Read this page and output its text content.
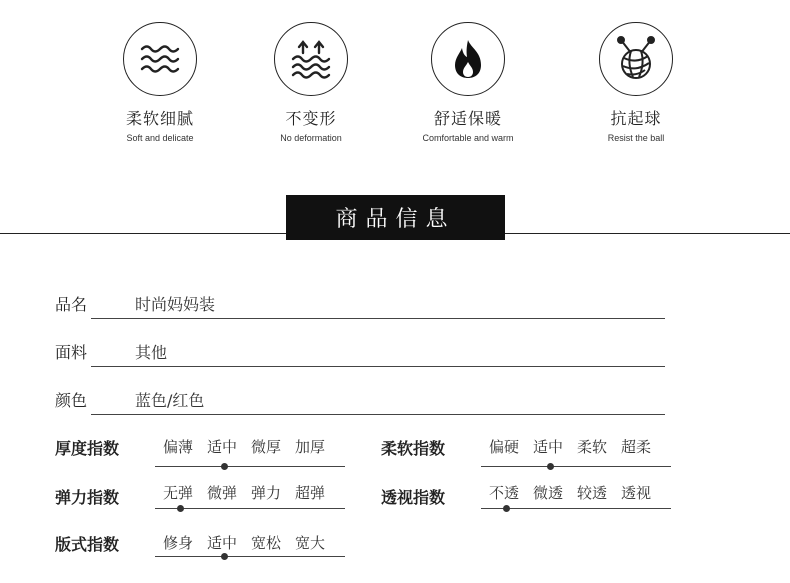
柔软细腻
Soft and delicate
不变形
No deformation
舒适保暖
Comfortable and warm
抗起球
Resist the ball
商品信息
品名	时尚妈妈装
面料	其他
颜色	蓝色/红色
厚度指数	偏薄 适中 微厚 加厚	柔软指数	偏硬 适中 柔软 超柔
弹力指数	无弹 微弹 弹力 超弹	透视指数	不透 微透 较透 透视
版式指数	修身 适中 宽松 宽大
